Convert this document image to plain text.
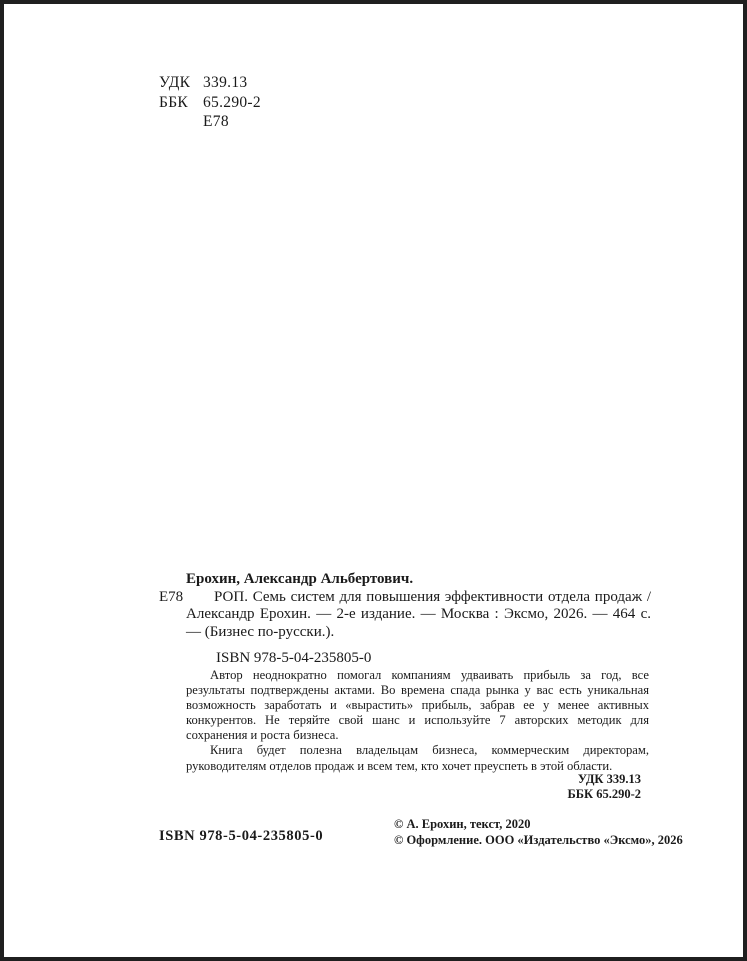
УДК 339.13
ББК 65.290-2
Е78
Ерохин, Александр Альбертович.
Е78	РОП. Семь систем для повышения эффективности отдела продаж / Александр Ерохин. — 2-е издание. — Москва : Эксмо, 2026. — 464 с. — (Бизнес по-русски.).
ISBN 978-5-04-235805-0

Автор неоднократно помогал компаниям удваивать прибыль за год, все результаты подтверждены актами. Во времена спада рынка у вас есть уникальная возможность заработать и «вырастить» прибыль, забрав ее у менее активных конкурентов. Не теряйте свой шанс и используйте 7 авторских методик для сохранения и роста бизнеса.

Книга будет полезна владельцам бизнеса, коммерческим директорам, руководителям отделов продаж и всем тем, кто хочет преуспеть в этой области.

УДК 339.13
ББК 65.290-2
ISBN 978-5-04-235805-0
© А. Ерохин, текст, 2020
© Оформление. ООО «Издательство «Эксмо», 2026
